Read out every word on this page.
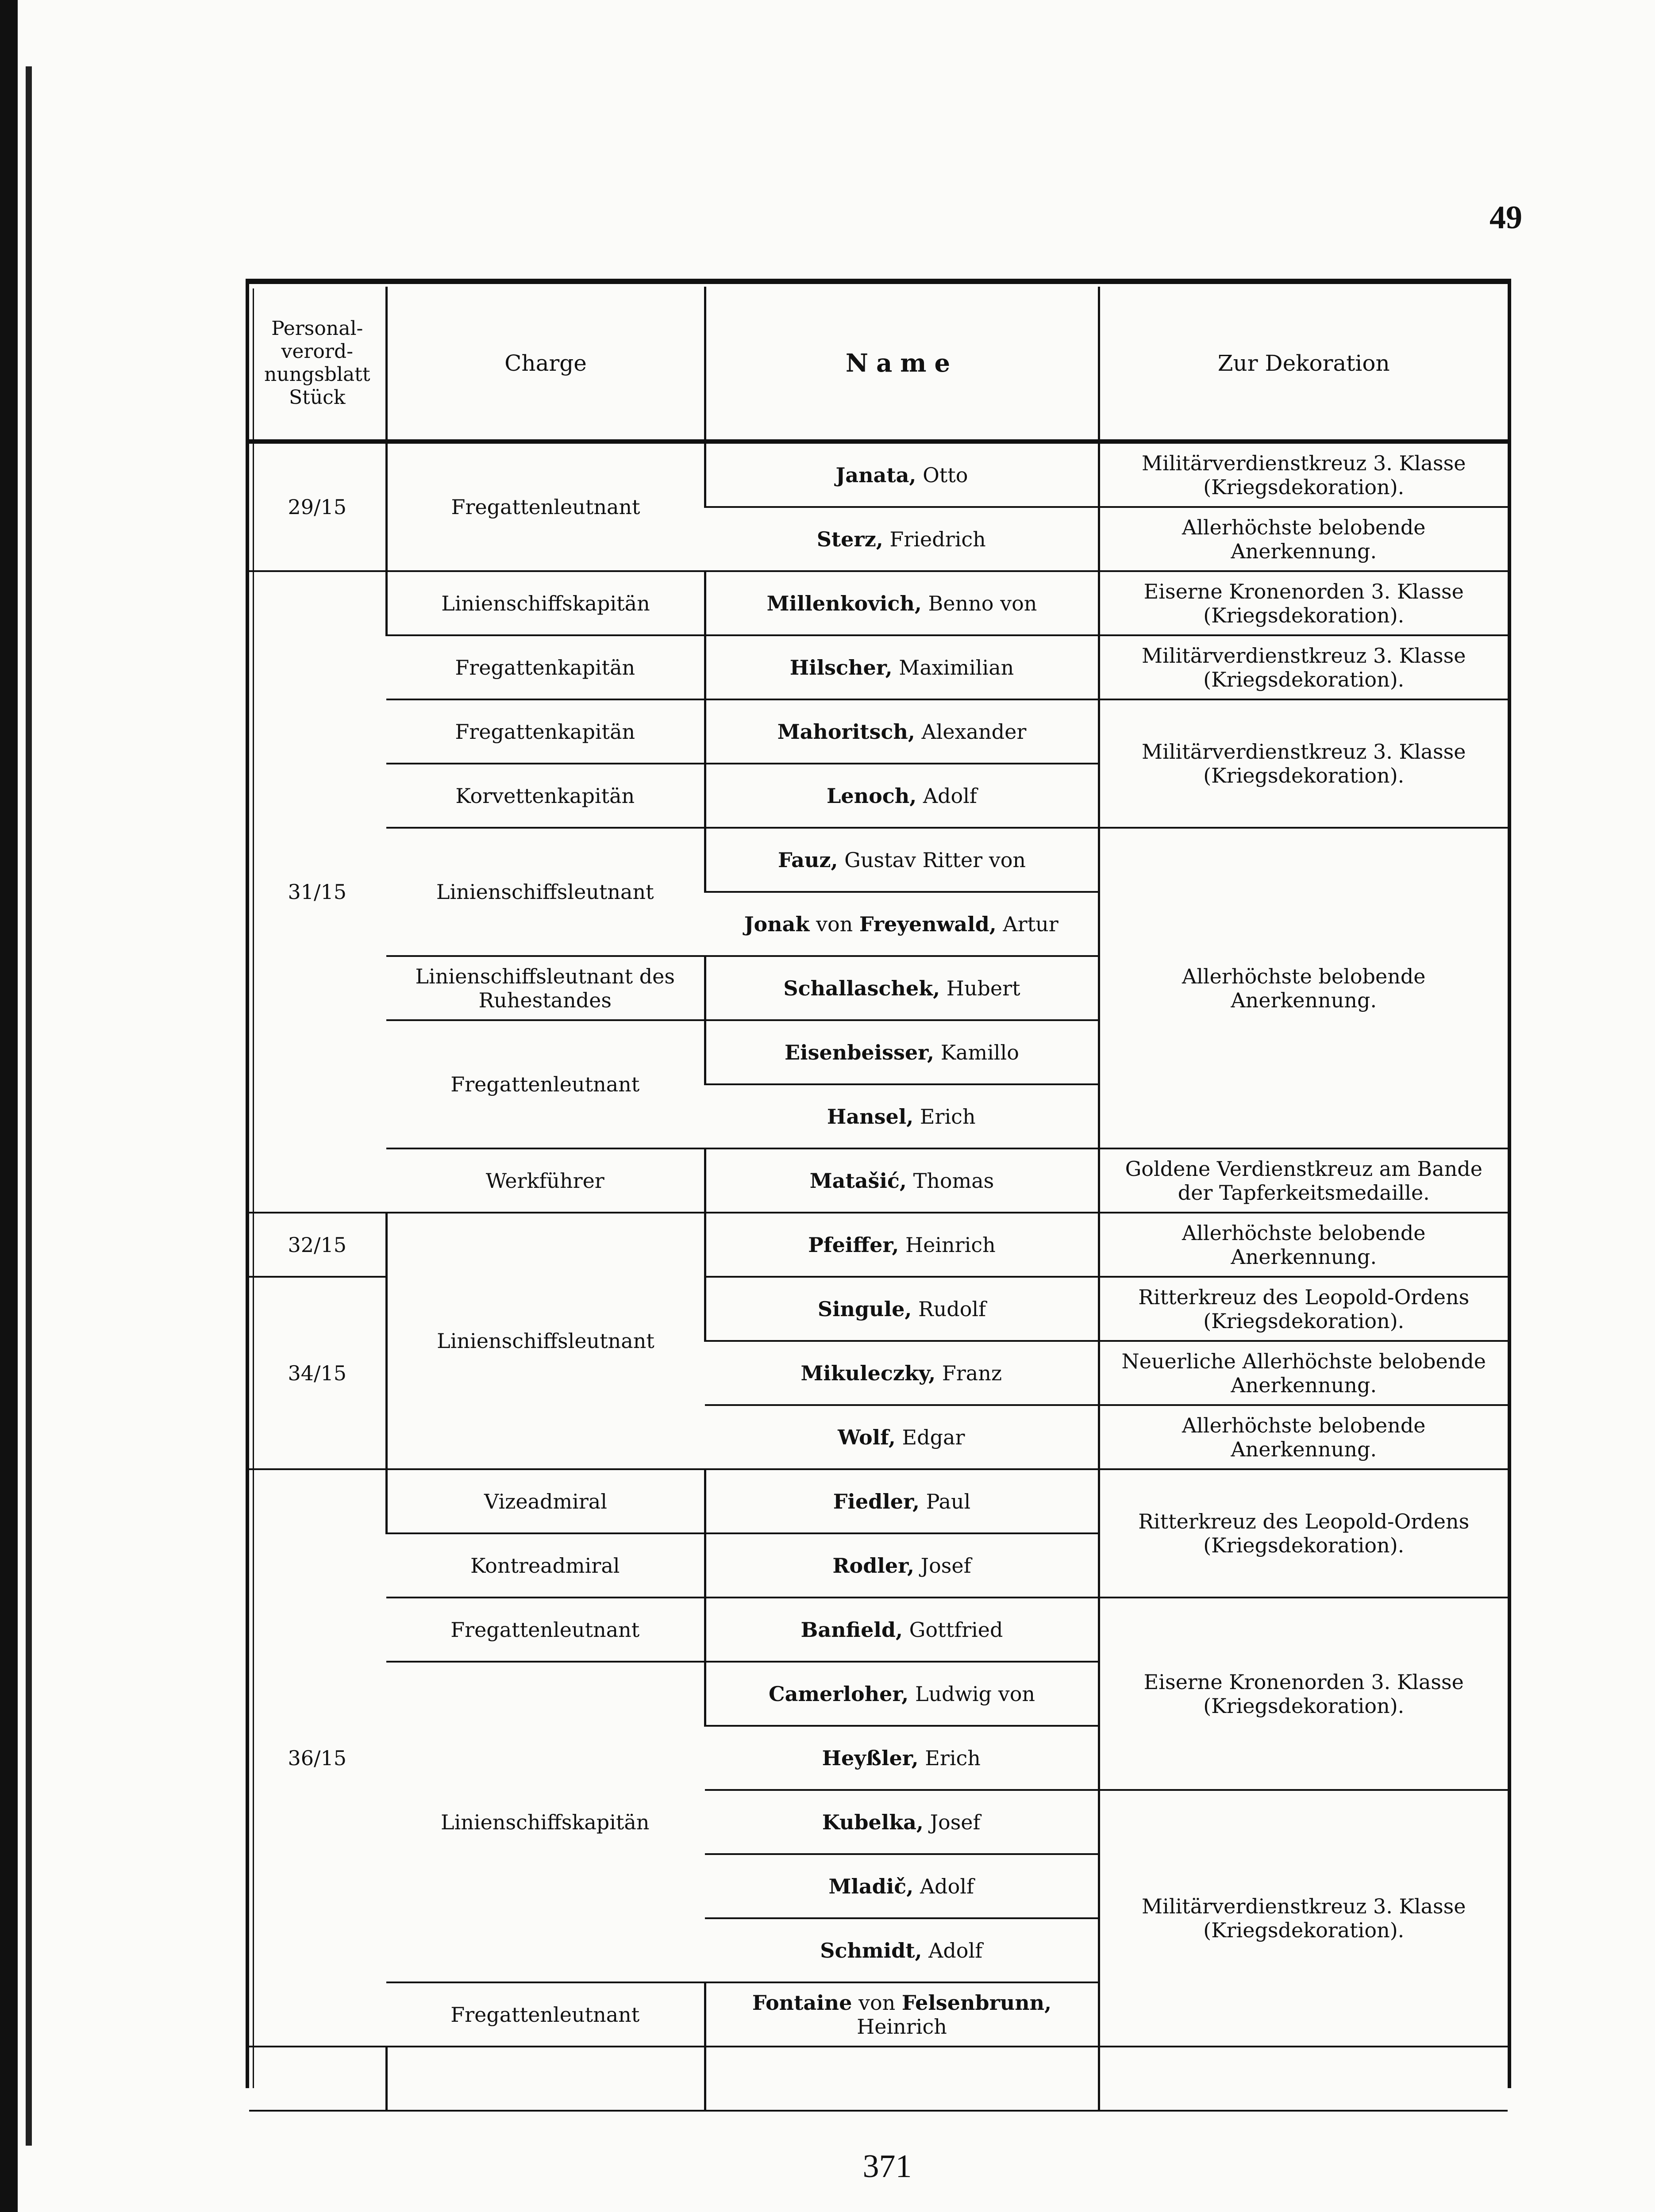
49
Personal-verord-nungsblatt Stück	Charge	Name	Zur Dekoration
29/15	Fregattenleutnant	Janata, Otto	Militärverdienstkreuz 3. Klasse (Kriegsdekoration).
		Sterz, Friedrich	Allerhöchste belobende Anerkennung.
31/15	Linienschiffskapitän	Millenkovich, Benno von	Eiserne Kronenorden 3. Klasse (Kriegsdekoration).
	Fregattenkapitän	Hilscher, Maximilian	Militärverdienstkreuz 3. Klasse (Kriegsdekoration).
	Fregattenkapitän	Mahoritsch, Alexander	Militärverdienstkreuz 3. Klasse (Kriegsdekoration).
	Korvettenkapitän	Lenoch, Adolf	
	Linienschiffsleutnant	Fauz, Gustav Ritter von	Allerhöchste belobende Anerkennung.
		Jonak von Freyenwald, Artur	
	Linienschiffsleutnant des Ruhestandes	Schallaschek, Hubert	
	Fregattenleutnant	Eisenbeisser, Kamillo	
		Hansel, Erich	
	Werkführer	Matašić, Thomas	Goldene Verdienstkreuz am Bande der Tapferkeitsmedaille.
32/15	Linienschiffsleutnant	Pfeiffer, Heinrich	Allerhöchste belobende Anerkennung.
34/15		Singule, Rudolf	Ritterkreuz des Leopold-Ordens (Kriegsdekoration).
		Mikuleczky, Franz	Neuerliche Allerhöchste belobende Anerkennung.
		Wolf, Edgar	Allerhöchste belobende Anerkennung.
36/15	Vizeadmiral	Fiedler, Paul	Ritterkreuz des Leopold-Ordens (Kriegsdekoration).
	Kontreadmiral	Rodler, Josef	
	Fregattenleutnant	Banfield, Gottfried	Eiserne Kronenorden 3. Klasse (Kriegsdekoration).
	Linienschiffskapitän	Camerloher, Ludwig von	
		Heyßler, Erich	
		Kubelka, Josef	Militärverdienstkreuz 3. Klasse (Kriegsdekoration).
		Mladič, Adolf	
		Schmidt, Adolf	
	Fregattenleutnant	Fontaine von Felsenbrunn, Heinrich	

371
